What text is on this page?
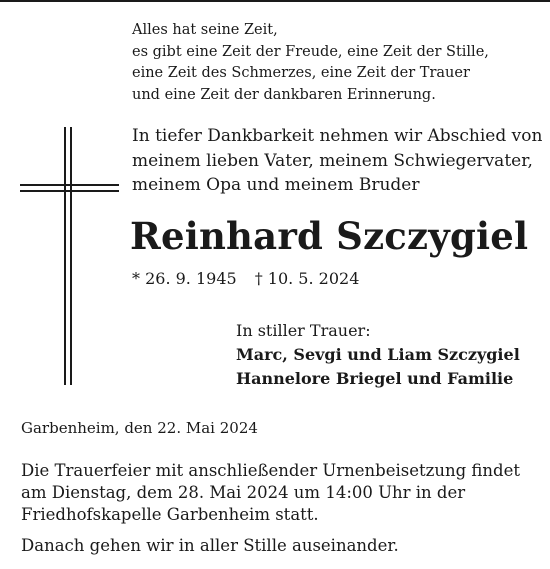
Alles hat seine Zeit,
es gibt eine Zeit der Freude, eine Zeit der Stille,
eine Zeit des Schmerzes, eine Zeit der Trauer
und eine Zeit der dankbaren Erinnerung.
In tiefer Dankbarkeit nehmen wir Abschied von
meinem lieben Vater, meinem Schwiegervater,
meinem Opa und meinem Bruder
Reinhard Szczygiel
* 26. 9. 1945 † 10. 5. 2024
In stiller Trauer:
Marc, Sevgi und Liam Szczygiel
Hannelore Briegel und Familie
Garbenheim, den 22. Mai 2024
Die Trauerfeier mit anschließender Urnenbeisetzung findet
am Dienstag, dem 28. Mai 2024 um 14:00 Uhr in der
Friedhofskapelle Garbenheim statt.
Danach gehen wir in aller Stille auseinander.
